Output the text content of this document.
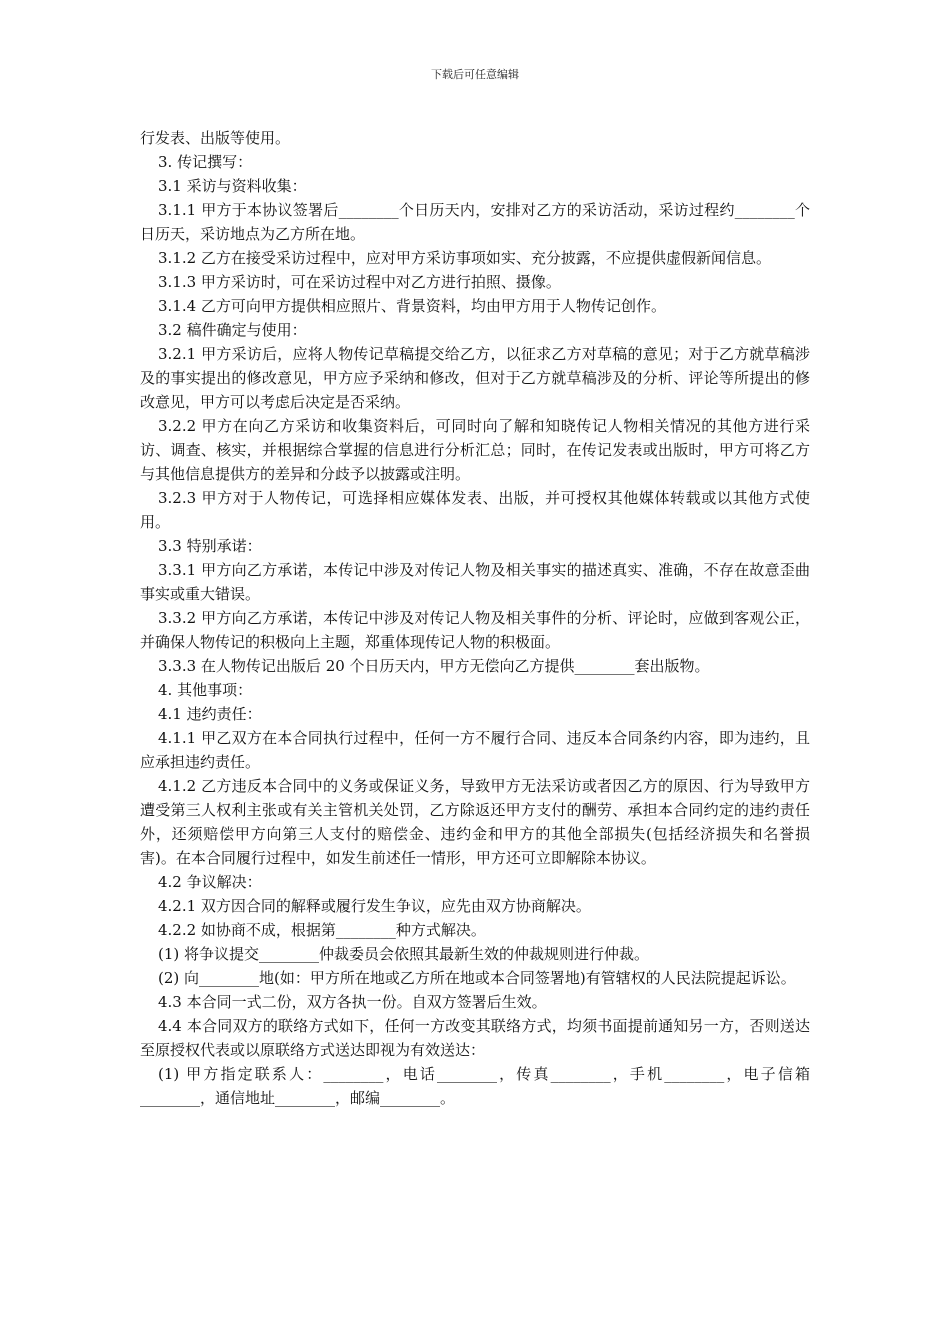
下载后可任意编辑

行发表、出版等使用。

3. 传记撰写：

3.1 采访与资料收集：

3.1.1 甲方于本协议签署后________个日历天内，安排对乙方的采访活动，采访过程约________个日历天，采访地点为乙方所在地。

3.1.2 乙方在接受采访过程中，应对甲方采访事项如实、充分披露，不应提供虚假新闻信息。

3.1.3 甲方采访时，可在采访过程中对乙方进行拍照、摄像。

3.1.4 乙方可向甲方提供相应照片、背景资料，均由甲方用于人物传记创作。

3.2 稿件确定与使用：

3.2.1 甲方采访后，应将人物传记草稿提交给乙方，以征求乙方对草稿的意见；对于乙方就草稿涉及的事实提出的修改意见，甲方应予采纳和修改，但对于乙方就草稿涉及的分析、评论等所提出的修改意见，甲方可以考虑后决定是否采纳。

3.2.2 甲方在向乙方采访和收集资料后，可同时向了解和知晓传记人物相关情况的其他方进行采访、调查、核实，并根据综合掌握的信息进行分析汇总；同时，在传记发表或出版时，甲方可将乙方与其他信息提供方的差异和分歧予以披露或注明。

3.2.3 甲方对于人物传记，可选择相应媒体发表、出版，并可授权其他媒体转载或以其他方式使用。

3.3 特别承诺：

3.3.1 甲方向乙方承诺，本传记中涉及对传记人物及相关事实的描述真实、准确，不存在故意歪曲事实或重大错误。

3.3.2 甲方向乙方承诺，本传记中涉及对传记人物及相关事件的分析、评论时，应做到客观公正，并确保人物传记的积极向上主题，郑重体现传记人物的积极面。

3.3.3 在人物传记出版后 20 个日历天内，甲方无偿向乙方提供________套出版物。

4. 其他事项：

4.1 违约责任：

4.1.1 甲乙双方在本合同执行过程中，任何一方不履行合同、违反本合同条约内容，即为违约，且应承担违约责任。

4.1.2 乙方违反本合同中的义务或保证义务，导致甲方无法采访或者因乙方的原因、行为导致甲方遭受第三人权利主张或有关主管机关处罚，乙方除返还甲方支付的酬劳、承担本合同约定的违约责任外，还须赔偿甲方向第三人支付的赔偿金、违约金和甲方的其他全部损失(包括经济损失和名誉损害)。在本合同履行过程中，如发生前述任一情形，甲方还可立即解除本协议。

4.2 争议解决：

4.2.1 双方因合同的解释或履行发生争议，应先由双方协商解决。

4.2.2 如协商不成，根据第________种方式解决。

(1) 将争议提交________仲裁委员会依照其最新生效的仲裁规则进行仲裁。

(2) 向________地(如：甲方所在地或乙方所在地或本合同签署地)有管辖权的人民法院提起诉讼。

4.3 本合同一式二份，双方各执一份。自双方签署后生效。

4.4 本合同双方的联络方式如下，任何一方改变其联络方式，均须书面提前通知另一方，否则送达至原授权代表或以原联络方式送达即视为有效送达：

(1) 甲方指定联系人：________，电话________，传真________，手机________，电子信箱________，通信地址________，邮编________。
